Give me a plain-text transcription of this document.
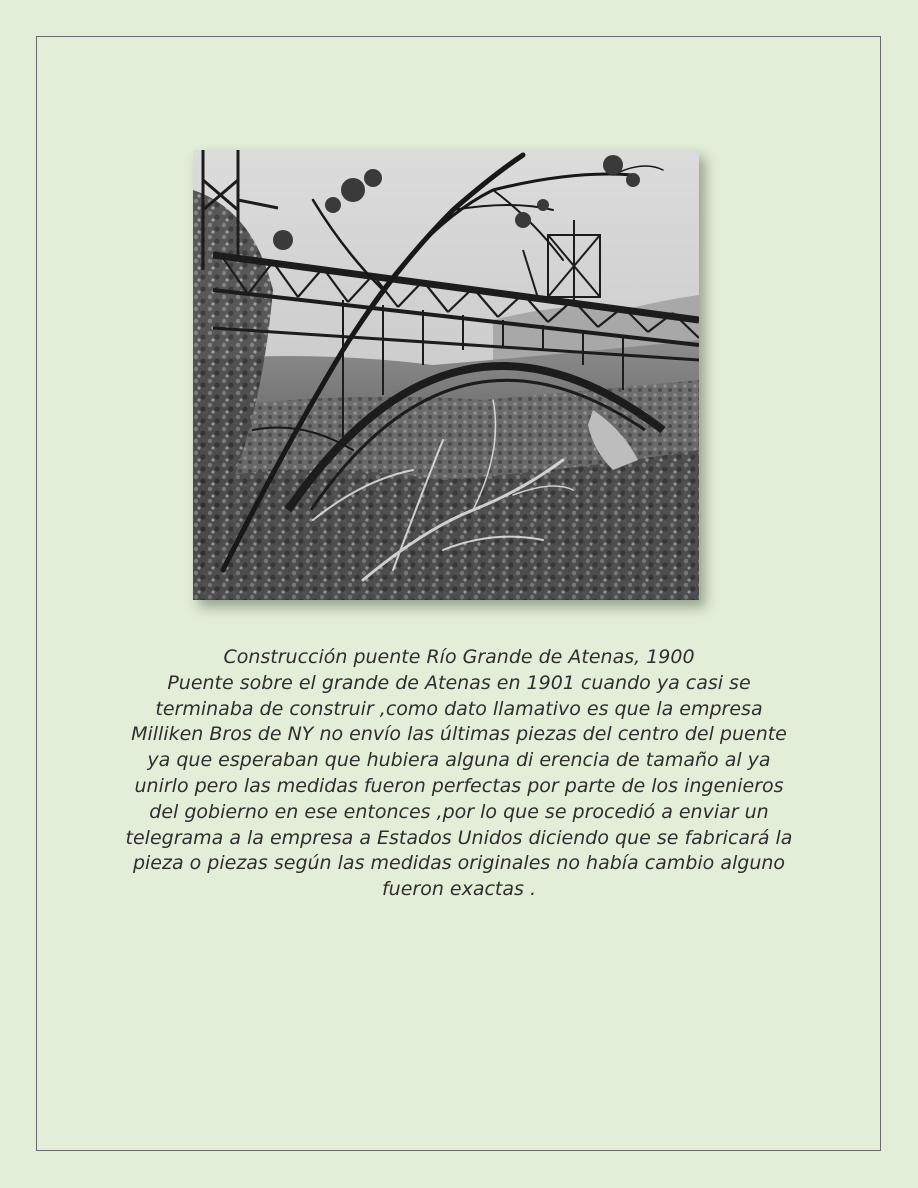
Construcción puente Río Grande de Atenas, 1900

Puente sobre el grande de Atenas en 1901 cuando ya casi se terminaba de construir ,como dato llamativo es que la empresa Milliken Bros de NY no envío las últimas piezas del centro del puente ya que esperaban que hubiera alguna di erencia de tamaño al ya unirlo pero las medidas fueron perfectas por parte de los ingenieros del gobierno en ese entonces ,por lo que se procedió a enviar un telegrama a la empresa a Estados Unidos diciendo que se fabricará la pieza o piezas según las medidas originales no había cambio alguno fueron exactas .
